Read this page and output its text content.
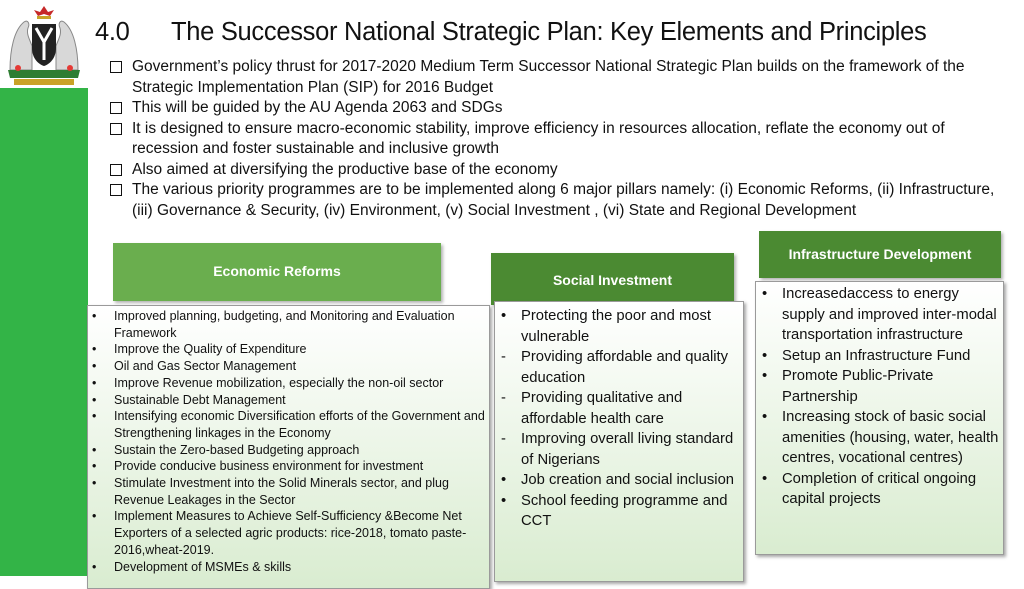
4.0 The Successor National Strategic Plan: Key Elements and Principles
Government’s policy thrust for 2017-2020 Medium Term Successor National Strategic Plan builds on the framework of the Strategic Implementation Plan (SIP) for 2016 Budget
This will be guided by the AU Agenda 2063 and SDGs
It is designed to ensure macro-economic stability, improve efficiency in resources allocation, reflate the economy out of recession and foster sustainable and inclusive growth
Also aimed at diversifying the productive base of the economy
The various priority programmes are to be implemented along 6 major pillars namely: (i) Economic Reforms, (ii) Infrastructure, (iii) Governance & Security, (iv) Environment, (v) Social Investment , (vi) State and Regional Development
Economic Reforms
• Improved planning, budgeting, and Monitoring and Evaluation Framework
• Improve the Quality of Expenditure
• Oil and Gas Sector Management
• Improve Revenue mobilization, especially the non-oil sector
• Sustainable Debt Management
• Intensifying economic Diversification efforts of the Government and Strengthening linkages in the Economy
• Sustain the Zero-based Budgeting approach
• Provide conducive business environment for investment
• Stimulate Investment into the Solid Minerals sector, and plug Revenue Leakages in the Sector
• Implement Measures to Achieve Self-Sufficiency &Become Net Exporters of a selected agric products: rice-2018, tomato paste-2016,wheat-2019.
• Development of MSMEs & skills
Social Investment
• Protecting the poor and most vulnerable
- Providing affordable and quality education
- Providing qualitative and affordable health care
- Improving overall living standard of Nigerians
• Job creation and social inclusion
• School feeding programme and CCT
Infrastructure Development
• Increasedaccess to energy supply and improved inter-modal transportation infrastructure
• Setup an Infrastructure Fund
• Promote Public-Private Partnership
• Increasing stock of basic social amenities (housing, water, health centres, vocational centres)
• Completion of critical ongoing capital projects
